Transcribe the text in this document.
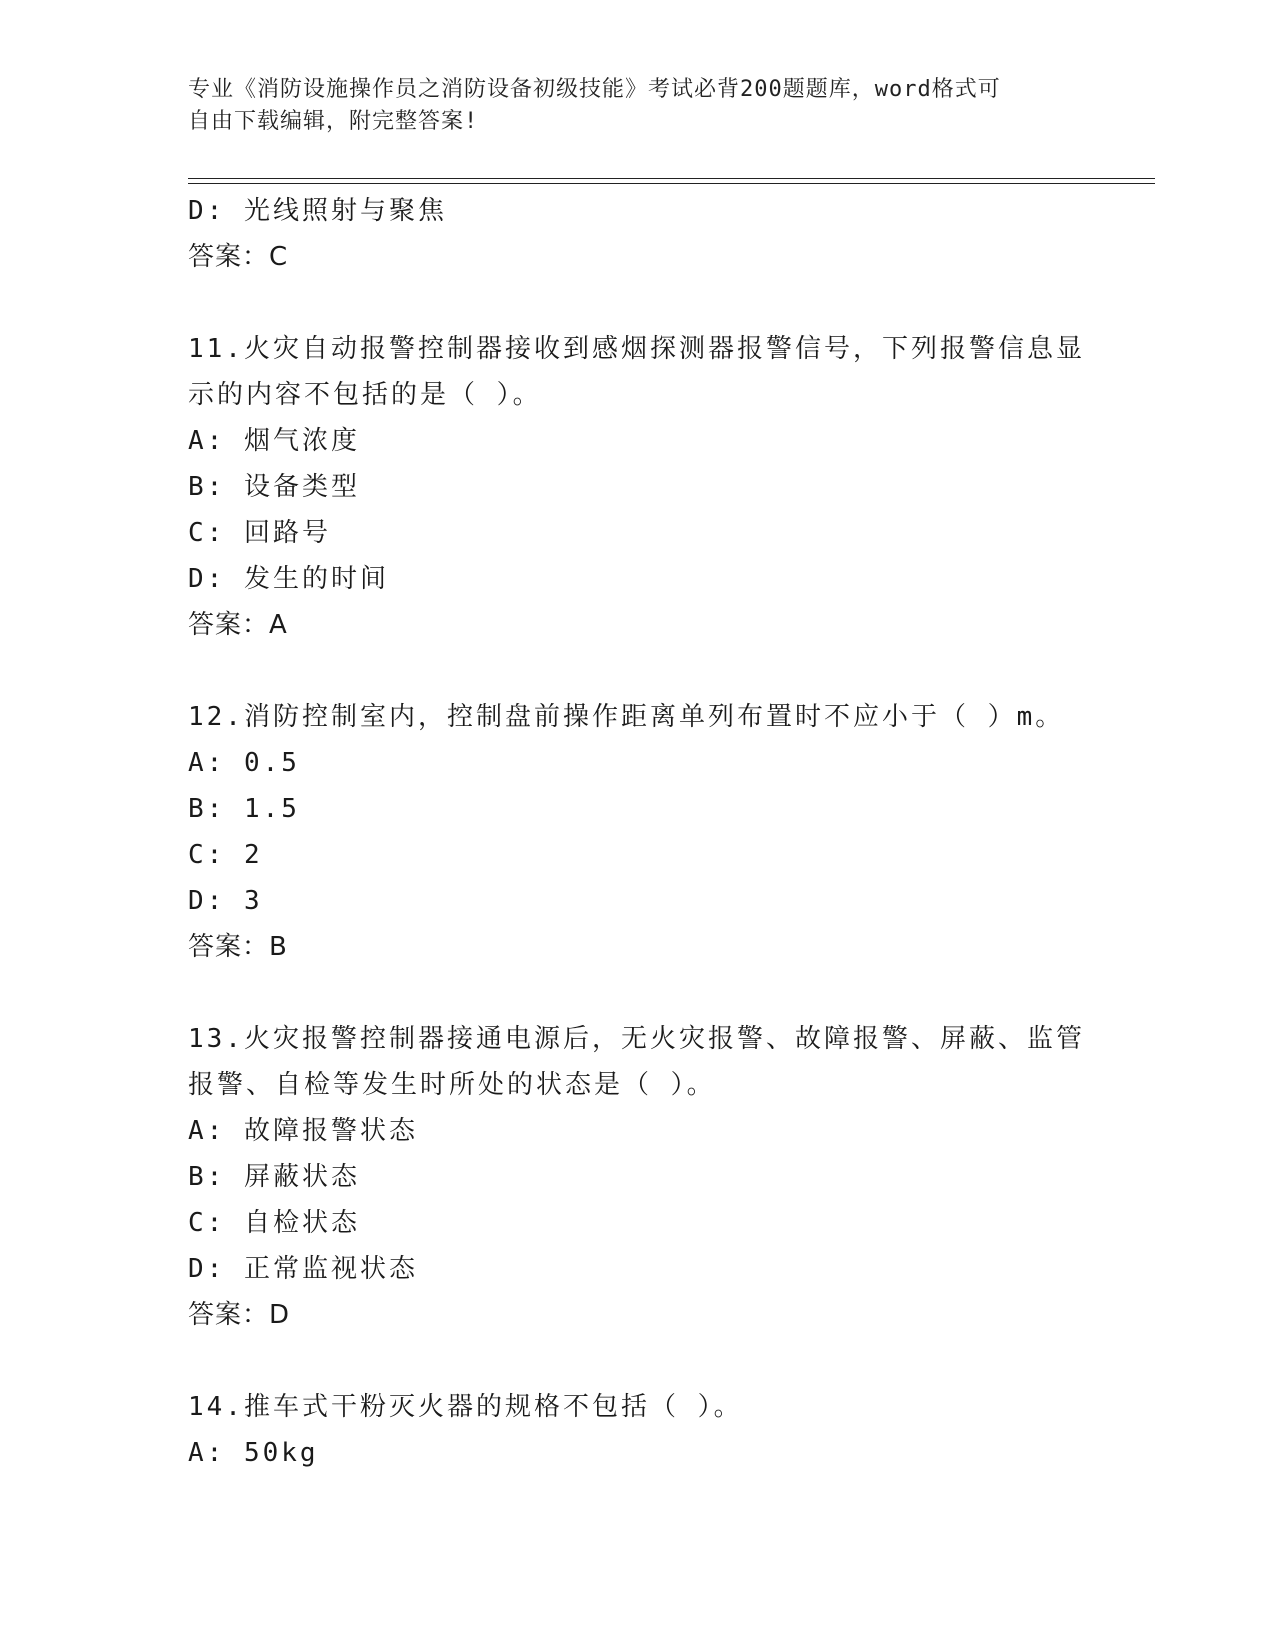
专业《消防设施操作员之消防设备初级技能》考试必背200题题库，word格式可
自由下载编辑，附完整答案!
D: 光线照射与聚焦
答案：C
11.火灾自动报警控制器接收到感烟探测器报警信号，下列报警信息显
示的内容不包括的是（ ）。
A: 烟气浓度
B: 设备类型
C: 回路号
D: 发生的时间
答案：A
12.消防控制室内，控制盘前操作距离单列布置时不应小于（ ）m。
A: 0.5
B: 1.5
C: 2
D: 3
答案：B
13.火灾报警控制器接通电源后，无火灾报警、故障报警、屏蔽、监管
报警、自检等发生时所处的状态是（ ）。
A: 故障报警状态
B: 屏蔽状态
C: 自检状态
D: 正常监视状态
答案：D
14.推车式干粉灭火器的规格不包括（ ）。
A: 50kg
